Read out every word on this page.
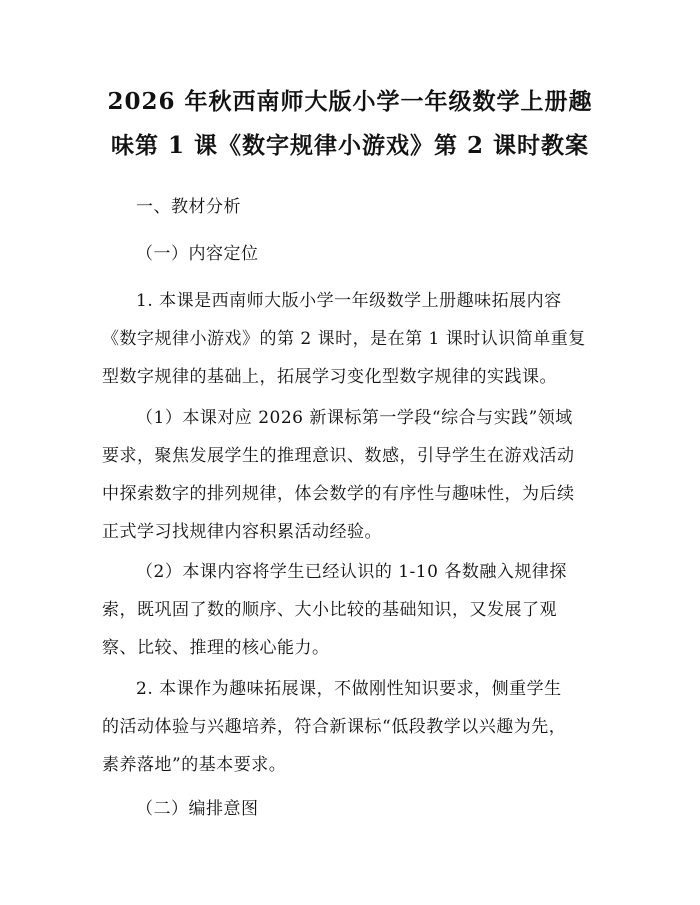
2026 年秋西南师大版小学一年级数学上册趣
味第 1 课《数字规律小游戏》第 2 课时教案
一、教材分析
（一）内容定位
1. 本课是西南师大版小学一年级数学上册趣味拓展内容
《数字规律小游戏》的第 2 课时，是在第 1 课时认识简单重复
型数字规律的基础上，拓展学习变化型数字规律的实践课。
（1）本课对应 2026 新课标第一学段“综合与实践”领域
要求，聚焦发展学生的推理意识、数感，引导学生在游戏活动
中探索数字的排列规律，体会数学的有序性与趣味性，为后续
正式学习找规律内容积累活动经验。
（2）本课内容将学生已经认识的 1-10 各数融入规律探
索，既巩固了数的顺序、大小比较的基础知识，又发展了观
察、比较、推理的核心能力。
2. 本课作为趣味拓展课，不做刚性知识要求，侧重学生
的活动体验与兴趣培养，符合新课标“低段教学以兴趣为先，
素养落地”的基本要求。
（二）编排意图
